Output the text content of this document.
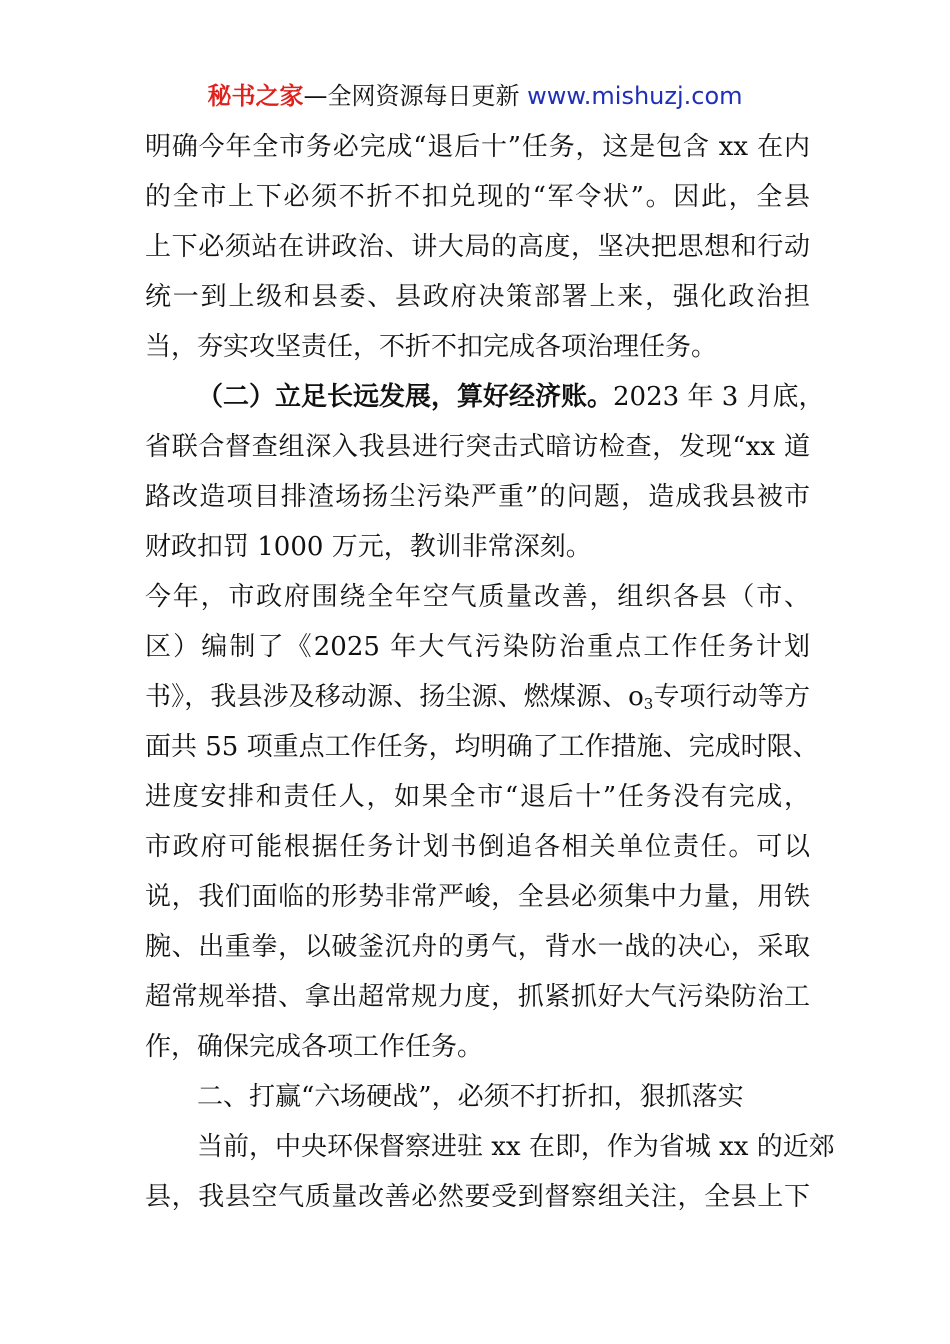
秘书之家—全网资源每日更新 www.mishuzj.com
明确今年全市务必完成“退后十”任务，这是包含 xx 在内
的全市上下必须不折不扣兑现的“军令状”。因此，全县
上下必须站在讲政治、讲大局的高度，坚决把思想和行动
统一到上级和县委、县政府决策部署上来，强化政治担
当，夯实攻坚责任，不折不扣完成各项治理任务。
（二）立足长远发展，算好经济账。2023 年 3 月底，
省联合督查组深入我县进行突击式暗访检查，发现“xx 道
路改造项目排渣场扬尘污染严重”的问题，造成我县被市
财政扣罚 1000 万元，教训非常深刻。
今年，市政府围绕全年空气质量改善，组织各县（市、
区）编制了《2025 年大气污染防治重点工作任务计划
书》，我县涉及移动源、扬尘源、燃煤源、$o_3$专项行动等方
面共 55 项重点工作任务，均明确了工作措施、完成时限、
进度安排和责任人，如果全市“退后十”任务没有完成，
市政府可能根据任务计划书倒追各相关单位责任。可以
说，我们面临的形势非常严峻，全县必须集中力量，用铁
腕、出重拳，以破釜沉舟的勇气，背水一战的决心，采取
超常规举措、拿出超常规力度，抓紧抓好大气污染防治工
作，确保完成各项工作任务。
二、打赢“六场硬战”，必须不打折扣，狠抓落实
当前，中央环保督察进驻 xx 在即，作为省城 xx 的近郊
县，我县空气质量改善必然要受到督察组关注，全县上下
